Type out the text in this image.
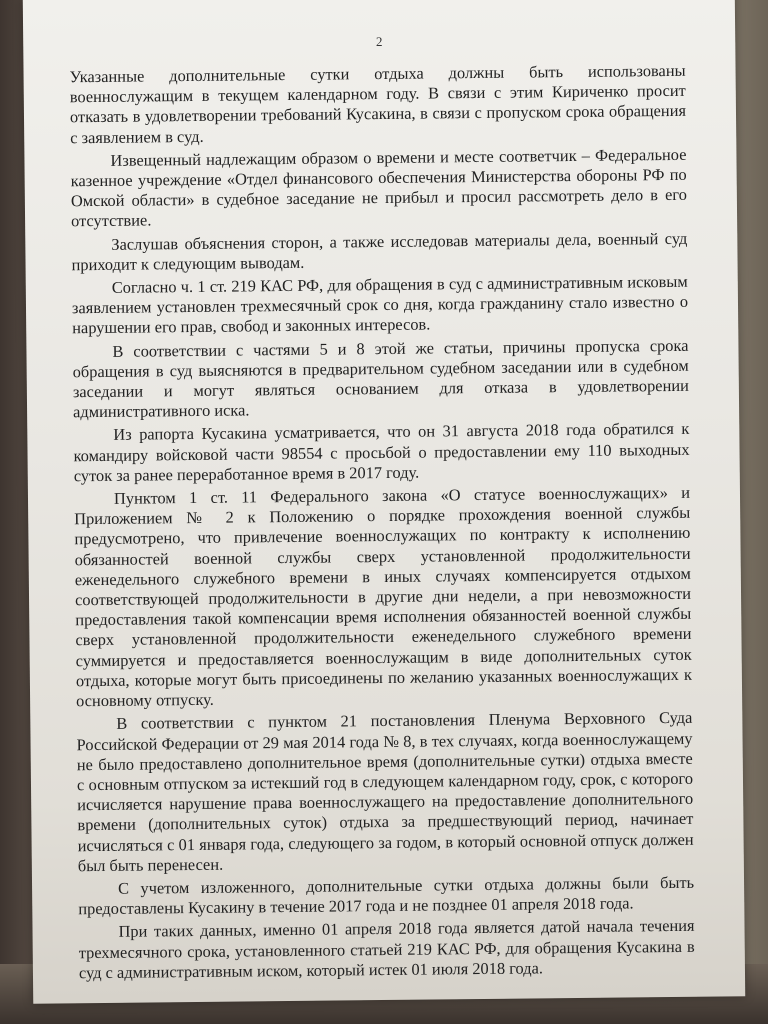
2

Указанные дополнительные сутки отдыха должны быть использованы военнослужащим в текущем календарном году. В связи с этим Кириченко просит отказать в удовлетворении требований Кусакина, в связи с пропуском срока обращения с заявлением в суд.

Извещенный надлежащим образом о времени и месте соответчик – Федеральное казенное учреждение «Отдел финансового обеспечения Министерства обороны РФ по Омской области» в судебное заседание не прибыл и просил рассмотреть дело в его отсутствие.

Заслушав объяснения сторон, а также исследовав материалы дела, военный суд приходит к следующим выводам.

Согласно ч. 1 ст. 219 КАС РФ, для обращения в суд с административным исковым заявлением установлен трехмесячный срок со дня, когда гражданину стало известно о нарушении его прав, свобод и законных интересов.

В соответствии с частями 5 и 8 этой же статьи, причины пропуска срока обращения в суд выясняются в предварительном судебном заседании или в судебном заседании и могут являться основанием для отказа в удовлетворении административного иска.

Из рапорта Кусакина усматривается, что он 31 августа 2018 года обратился к командиру войсковой части 98554 с просьбой о предоставлении ему 110 выходных суток за ранее переработанное время в 2017 году.

Пунктом 1 ст. 11 Федерального закона «О статусе военнослужащих» и Приложением № 2 к Положению о порядке прохождения военной службы предусмотрено, что привлечение военнослужащих по контракту к исполнению обязанностей военной службы сверх установленной продолжительности еженедельного служебного времени в иных случаях компенсируется отдыхом соответствующей продолжительности в другие дни недели, а при невозможности предоставления такой компенсации время исполнения обязанностей военной службы сверх установленной продолжительности еженедельного служебного времени суммируется и предоставляется военнослужащим в виде дополнительных суток отдыха, которые могут быть присоединены по желанию указанных военнослужащих к основному отпуску.

В соответствии с пунктом 21 постановления Пленума Верховного Суда Российской Федерации от 29 мая 2014 года № 8, в тех случаях, когда военнослужащему не было предоставлено дополнительное время (дополнительные сутки) отдыха вместе с основным отпуском за истекший год в следующем календарном году, срок, с которого исчисляется нарушение права военнослужащего на предоставление дополнительного времени (дополнительных суток) отдыха за предшествующий период, начинает исчисляться с 01 января года, следующего за годом, в который основной отпуск должен был быть перенесен.

С учетом изложенного, дополнительные сутки отдыха должны были быть предоставлены Кусакину в течение 2017 года и не позднее 01 апреля 2018 года.

При таких данных, именно 01 апреля 2018 года является датой начала течения трехмесячного срока, установленного статьей 219 КАС РФ, для обращения Кусакина в суд с административным иском, который истек 01 июля 2018 года.
